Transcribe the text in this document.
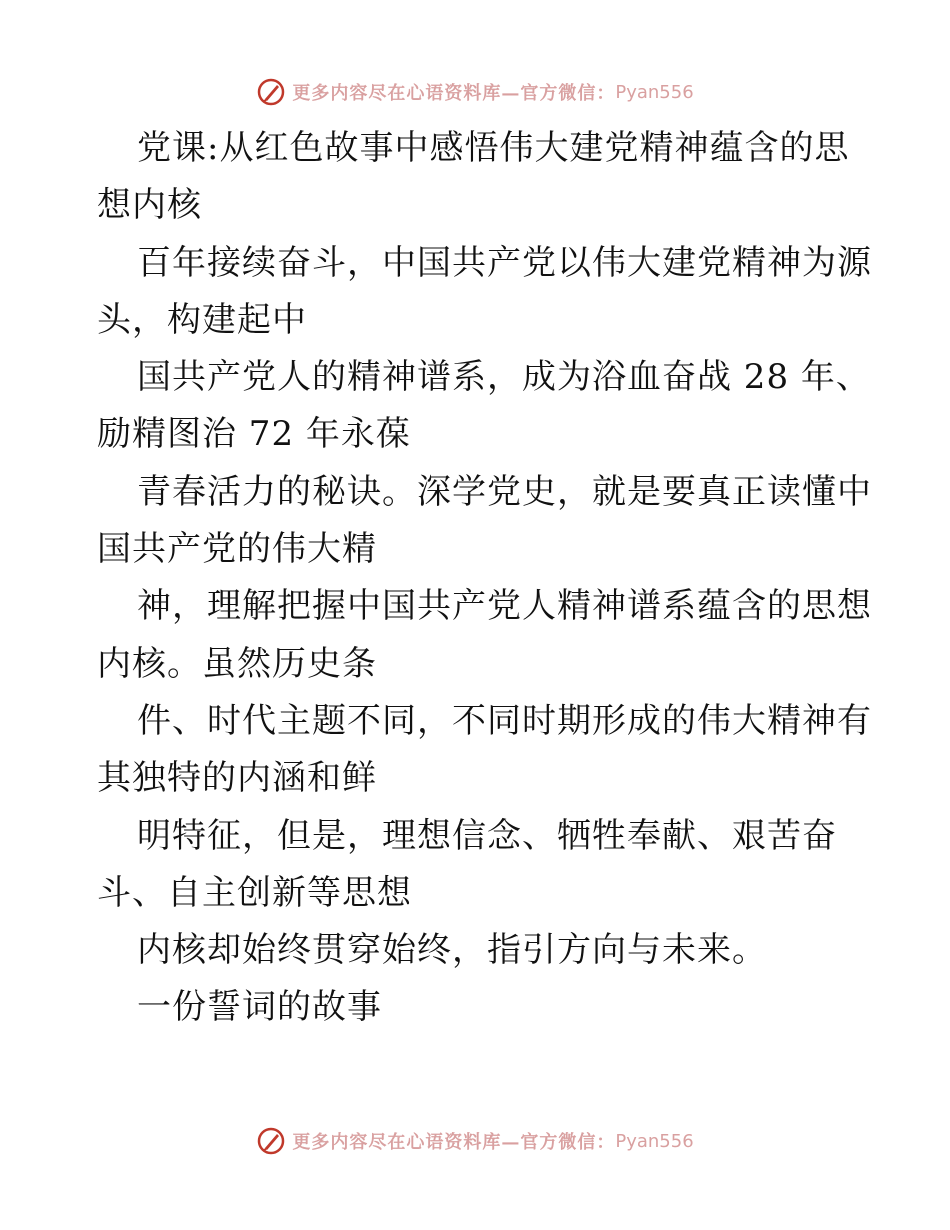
更多内容尽在心语资料库—官方微信： Pyan556
党课:从红色故事中感悟伟大建党精神蕴含的思
想内核
百年接续奋斗，中国共产党以伟大建党精神为源
头，构建起中
国共产党人的精神谱系，成为浴血奋战 28 年、
励精图治 72 年永葆
青春活力的秘诀。深学党史，就是要真正读懂中
国共产党的伟大精
神，理解把握中国共产党人精神谱系蕴含的思想
内核。虽然历史条
件、时代主题不同，不同时期形成的伟大精神有
其独特的内涵和鲜
明特征，但是，理想信念、牺牲奉献、艰苦奋
斗、自主创新等思想
内核却始终贯穿始终，指引方向与未来。
一份誓词的故事
更多内容尽在心语资料库—官方微信： Pyan556
